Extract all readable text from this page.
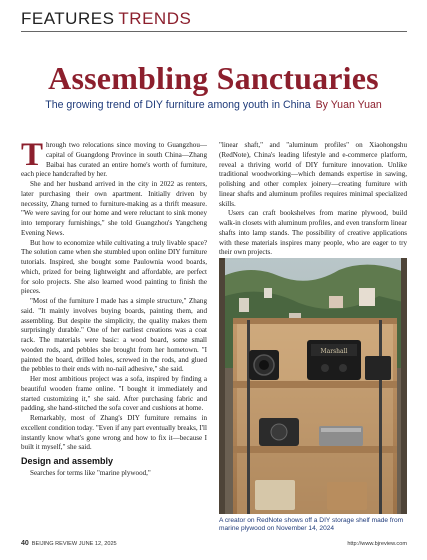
FEATURES TRENDS
Assembling Sanctuaries
The growing trend of DIY furniture among youth in China By Yuan Yuan

Through two relocations since moving to Guangzhou—capital of Guangdong Province in south China—Zhang Baibai has curated an entire home's worth of furniture, each piece handcrafted by her.

She and her husband arrived in the city in 2022 as renters, later purchasing their own apartment. Initially driven by necessity, Zhang turned to furniture-making as a thrift measure. "We were saving for our home and were reluctant to sink money into temporary furnishings," she told Guangzhou's Yangcheng Evening News.

But how to economize while cultivating a truly livable space? The solution came when she stumbled upon online DIY furniture tutorials. Inspired, she bought some Paulownia wood boards, which, prized for being lightweight and affordable, are perfect for solo projects. She also learned wood painting to finish the pieces.

"Most of the furniture I made has a simple structure," Zhang said. "It mainly involves buying boards, painting them, and assembling. But despite the simplicity, the quality makes them surprisingly durable." One of her earliest creations was a coat rack. The materials were basic: a wood board, some small wooden rods, and pebbles she brought from her hometown. "I painted the board, drilled holes, screwed in the rods, and glued the pebbles to their ends with no-nail adhesive," she said.

Her most ambitious project was a sofa, inspired by finding a beautiful wooden frame online. "I bought it immediately and started customizing it," she said. After purchasing fabric and padding, she hand-stitched the sofa cover and cushions at home.

Remarkably, most of Zhang's DIY furniture remains in excellent condition today. "Even if any part eventually breaks, I'll instantly know what's gone wrong and how to fix it—because I built it myself," she said.

Design and assembly

Searches for terms like "marine plywood,"

"linear shaft," and "aluminum profiles" on Xiaohongshu (RedNote), China's leading lifestyle and e-commerce platform, reveal a thriving world of DIY furniture innovation. Unlike traditional woodworking—which demands expertise in sawing, polishing and other complex joinery—creating furniture with linear shafts and aluminum profiles requires minimal specialized skills.

Users can craft bookshelves from marine plywood, build walk-in closets with aluminum profiles, and even transform linear shafts into lamp stands. The possibility of creative applications with these materials inspires many people, who are eager to try their own projects.

Marshall
A creator on RedNote shows off a DIY storage shelf made from marine plywood on November 14, 2024
40 BEIJING REVIEW JUNE 12, 2025	http://www.bjreview.com
